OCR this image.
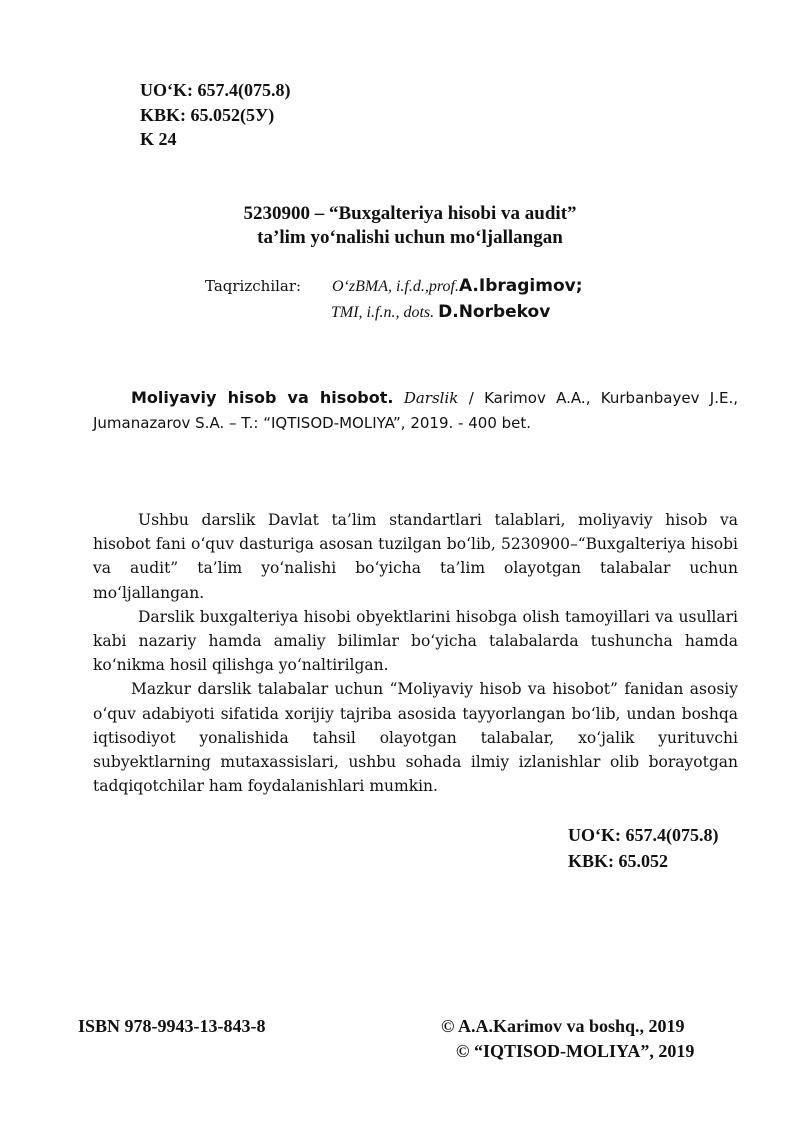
UO‘K: 657.4(075.8)
KBK: 65.052(5У)
K 24
5230900 – “Buxgalteriya hisobi va audit”
ta’lim yo‘nalishi uchun mo‘ljallangan
Taqrizchilar: O‘zBMA, i.f.d.,prof.A.Ibragimov;
TMI, i.f.n., dots. D.Norbekov
Moliyaviy hisob va hisobot. Darslik / Karimov A.A., Kurbanbayev J.E., Jumanazarov S.A. – T.: “IQTISOD-MOLIYA”, 2019. - 400 bet.

Ushbu darslik Davlat ta’lim standartlari talablari, moliyaviy hisob va hisobot fani o‘quv dasturiga asosan tuzilgan bo‘lib, 5230900–“Buxgalteriya hisobi va audit” ta’lim yo‘nalishi bo‘yicha ta’lim olayotgan talabalar uchun mo‘ljallangan.

Darslik buxgalteriya hisobi obyektlarini hisobga olish tamoyillari va usullari kabi nazariy hamda amaliy bilimlar bo‘yicha talabalarda tushuncha hamda ko‘nikma hosil qilishga yo‘naltirilgan.

Mazkur darslik talabalar uchun “Moliyaviy hisob va hisobot” fanidan asosiy o‘quv adabiyoti sifatida xorijiy tajriba asosida tayyorlangan bo‘lib, undan boshqa iqtisodiyot yonalishida tahsil olayotgan talabalar, xo‘jalik yurituvchi subyektlarning mutaxassislari, ushbu sohada ilmiy izlanishlar olib borayotgan tadqiqotchilar ham foydalanishlari mumkin.

UO‘K: 657.4(075.8)
KBK: 65.052
ISBN 978-9943-13-843-8	© A.A.Karimov va boshq., 2019
© “IQTISOD-MOLIYA”, 2019
